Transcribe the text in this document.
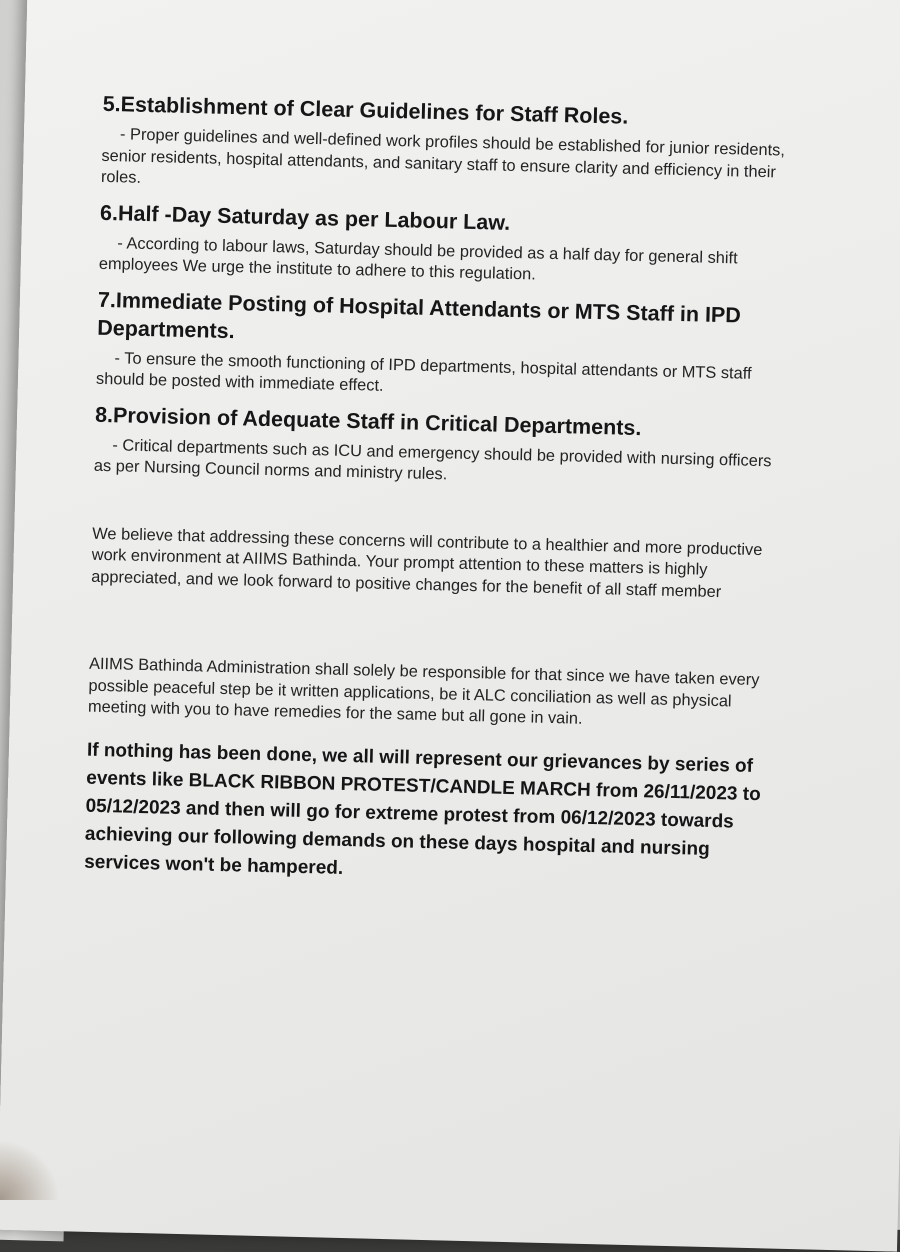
5.Establishment of Clear Guidelines for Staff Roles.

- Proper guidelines and well-defined work profiles should be established for junior residents, senior residents, hospital attendants, and sanitary staff to ensure clarity and efficiency in their roles.

6.Half -Day Saturday as per Labour Law.

- According to labour laws, Saturday should be provided as a half day for general shift employees We urge the institute to adhere to this regulation.

7.Immediate Posting of Hospital Attendants or MTS Staff in IPD Departments.

- To ensure the smooth functioning of IPD departments, hospital attendants or MTS staff should be posted with immediate effect.

8.Provision of Adequate Staff in Critical Departments.

- Critical departments such as ICU and emergency should be provided with nursing officers as per Nursing Council norms and ministry rules.

We believe that addressing these concerns will contribute to a healthier and more productive work environment at AIIMS Bathinda. Your prompt attention to these matters is highly appreciated, and we look forward to positive changes for the benefit of all staff member

AIIMS Bathinda Administration shall solely be responsible for that since we have taken every possible peaceful step be it written applications, be it ALC conciliation as well as physical meeting with you to have remedies for the same but all gone in vain.

If nothing has been done, we all will represent our grievances by series of events like BLACK RIBBON PROTEST/CANDLE MARCH from 26/11/2023 to 05/12/2023 and then will go for extreme protest from 06/12/2023 towards achieving our following demands on these days hospital and nursing services won't be hampered.
